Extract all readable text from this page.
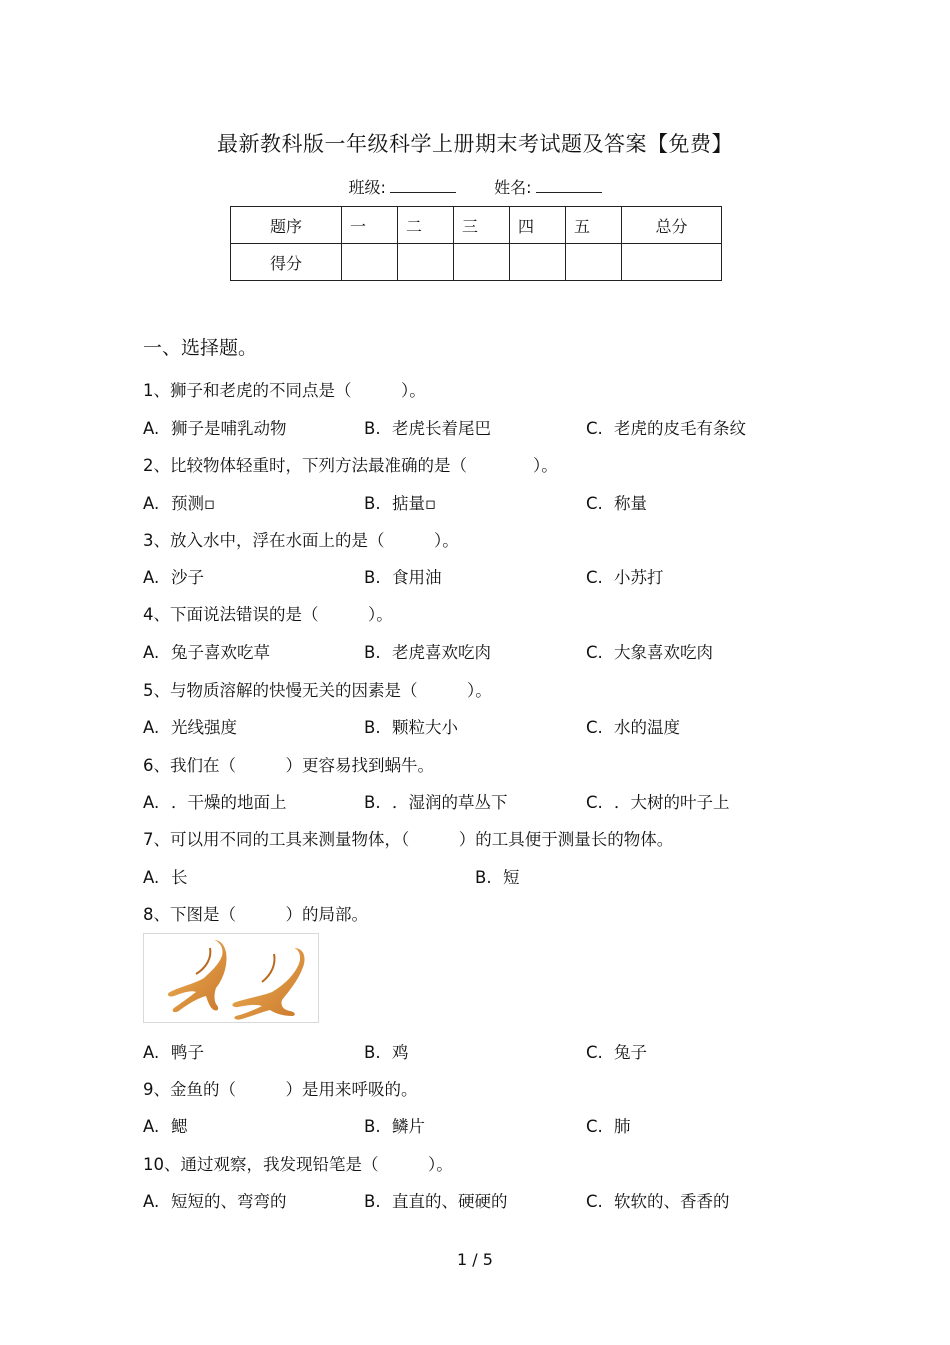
最新教科版一年级科学上册期末考试题及答案【免费】
班级:	姓名:
题序	一	二	三	四	五	总分
得分						
一、选择题。
1、狮子和老虎的不同点是（　　　）。
A. 狮子是哺乳动物	B. 老虎长着尾巴	C. 老虎的皮毛有条纹
2、比较物体轻重时，下列方法最准确的是（　　　　）。
A. 预测▫	B. 掂量▫	C. 称量
3、放入水中，浮在水面上的是（　　　）。
A. 沙子	B. 食用油	C. 小苏打
4、下面说法错误的是（　　　）。
A. 兔子喜欢吃草	B. 老虎喜欢吃肉	C. 大象喜欢吃肉
5、与物质溶解的快慢无关的因素是（　　　）。
A. 光线强度	B. 颗粒大小	C. 水的温度
6、我们在（　　　）更容易找到蜗牛。
A. ．干燥的地面上	B. ．湿润的草丛下	C. ．大树的叶子上
7、可以用不同的工具来测量物体，（　　　）的工具便于测量长的物体。
A. 长	B. 短
8、下图是（　　　）的局部。
A. 鸭子	B. 鸡	C. 兔子
9、金鱼的（　　　）是用来呼吸的。
A. 鳃	B. 鳞片	C. 肺
10、通过观察，我发现铅笔是（　　　）。
A. 短短的、弯弯的	B. 直直的、硬硬的	C. 软软的、香香的
1 / 5
